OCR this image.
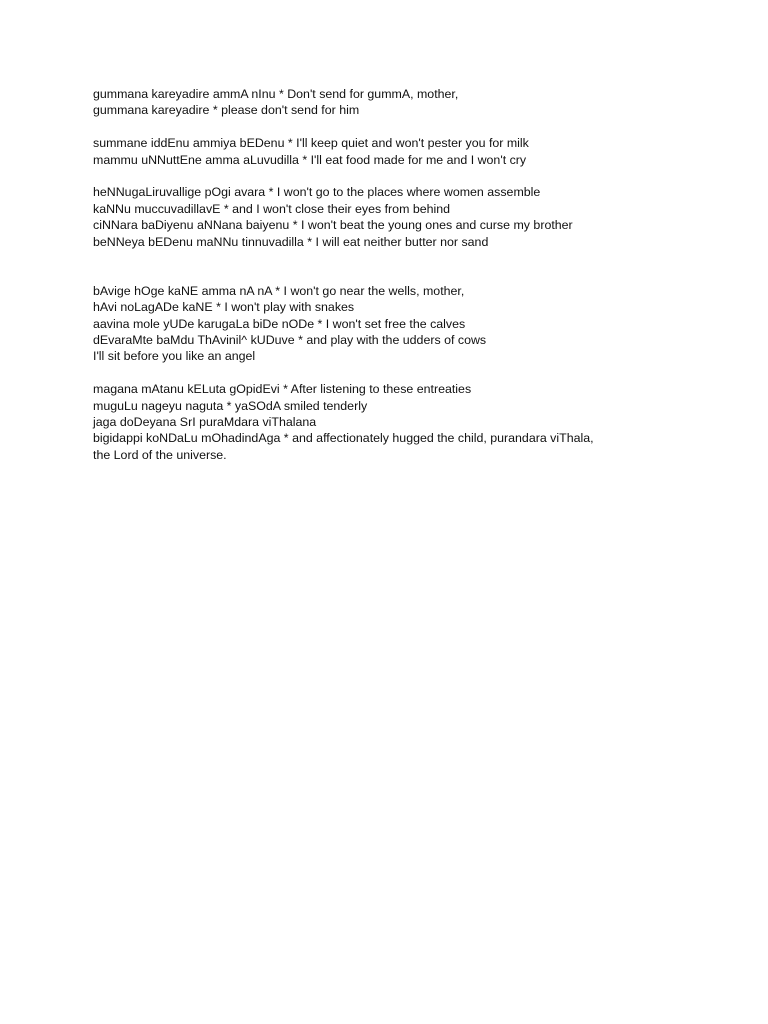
gummana kareyadire ammA nInu * Don't send for gummA, mother,
gummana kareyadire * please don't send for him
summane iddEnu ammiya bEDenu * I'll keep quiet and won't pester you for milk
mammu uNNuttEne amma aLuvudilla * I'll eat food made for me and I won't cry
heNNugaLiruvallige pOgi avara * I won't go to the places where women assemble
kaNNu muccuvadillavE * and I won't close their eyes from behind
ciNNara baDiyenu aNNana baiyenu * I won't beat the young ones and curse my brother
beNNeya bEDenu maNNu tinnuvadilla * I will eat neither butter nor sand
bAvige hOge kaNE amma nA nA * I won't go near the wells, mother,
hAvi noLagADe kaNE * I won't play with snakes
aavina mole yUDe karugaLa biDe nODe * I won't set free the calves
dEvaraMte baMdu ThAvinil^ kUDuve * and play with the udders of cows
I'll sit before you like an angel
magana mAtanu kELuta gOpidEvi * After listening to these entreaties
muguLu nageyu naguta * yaSOdA smiled tenderly
jaga doDeyana SrI puraMdara viThalana
bigidappi koNDaLu mOhadindAga * and affectionately hugged the child, purandara viThala,
the Lord of the universe.
